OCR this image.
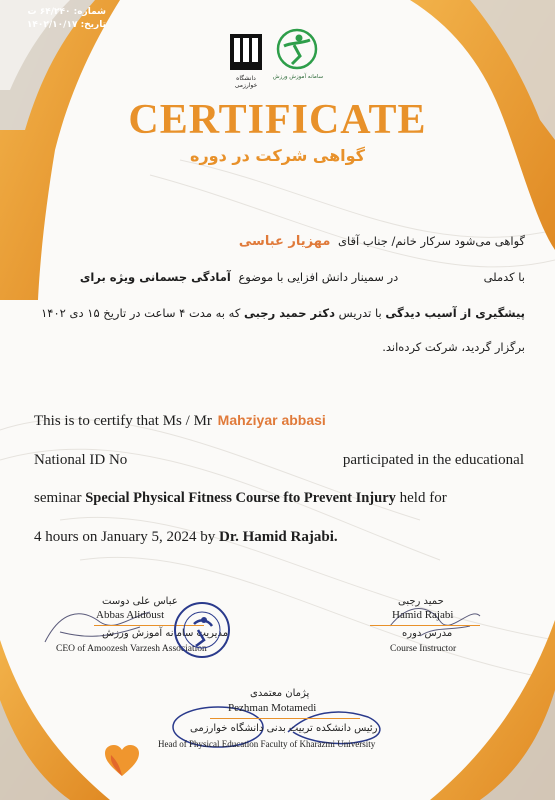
شماره: ۶۴/۲۴۰ ت
تاریخ: ۱۴۰۲/۱۰/۱۷
دانشگاه خوارزمی
سامانه آموزش ورزش
CERTIFICATE
گواهی شرکت در دوره
گواهی می‌شود سرکار خانم/ جناب آقای مهزیار عباسی
با کدملی  در سمینار دانش افزایی با موضوع آمادگی جسمانی ویژه برای
پیشگیری از آسیب دیدگی با تدریس دکتر حمید رجبی که به مدت ۴ ساعت در تاریخ ۱۵ دی ۱۴۰۲
برگزار گردید، شرکت کرده‌اند.
This is to certify that Ms / Mr Mahziyar abbasi
National ID No	participated in the educational
seminar Special Physical Fitness Course fto Prevent Injury held for
4 hours on January 5, 2024 by Dr. Hamid Rajabi.
عباس علی دوست
Abbas Alidoust
مدیریت سامانه آموزش ورزش
CEO of Amoozesh Varzesh Association
حمید رجبی
Hamid Rajabi
مدرس دوره
Course Instructor
پژمان معتمدی
Pezhman Motamedi
رئیس دانشکده تربیت بدنی دانشگاه خوارزمی
Head of Physical Education Faculty of Kharazmi University
